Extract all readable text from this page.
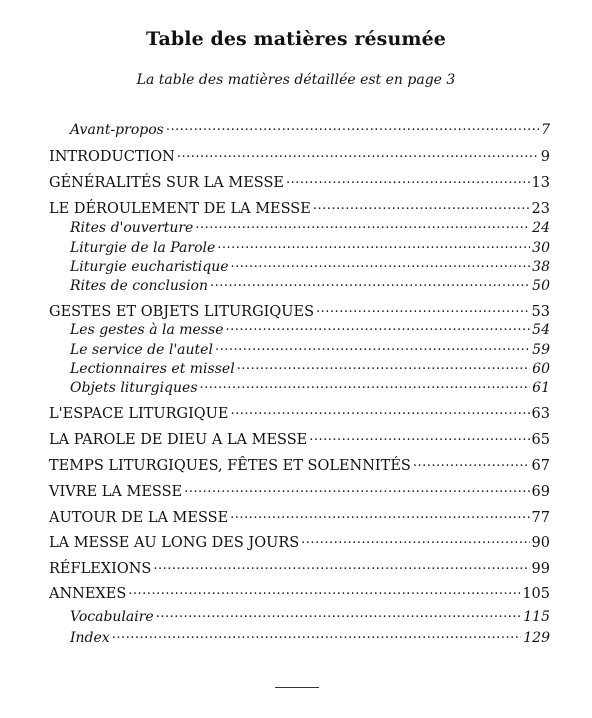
Table des matières résumée
La table des matières détaillée est en page 3
Avant-propos .....	7
INTRODUCTION .....	9
GÉNÉRALITÉS SUR LA MESSE .....	13
LE DÉROULEMENT DE LA MESSE .....	23
Rites d'ouverture .....	24
Liturgie de la Parole .....	30
Liturgie eucharistique .....	38
Rites de conclusion .....	50
GESTES ET OBJETS LITURGIQUES .....	53
Les gestes à la messe .....	54
Le service de l'autel .....	59
Lectionnaires et missel .....	60
Objets liturgiques .....	61
L'ESPACE LITURGIQUE .....	63
LA PAROLE DE DIEU A LA MESSE .....	65
TEMPS LITURGIQUES, FÊTES ET SOLENNITÉS .....	67
VIVRE LA MESSE .....	69
AUTOUR DE LA MESSE .....	77
LA MESSE AU LONG DES JOURS .....	90
RÉFLEXIONS .....	99
ANNEXES .....	105
Vocabulaire .....	115
Index .....	129
